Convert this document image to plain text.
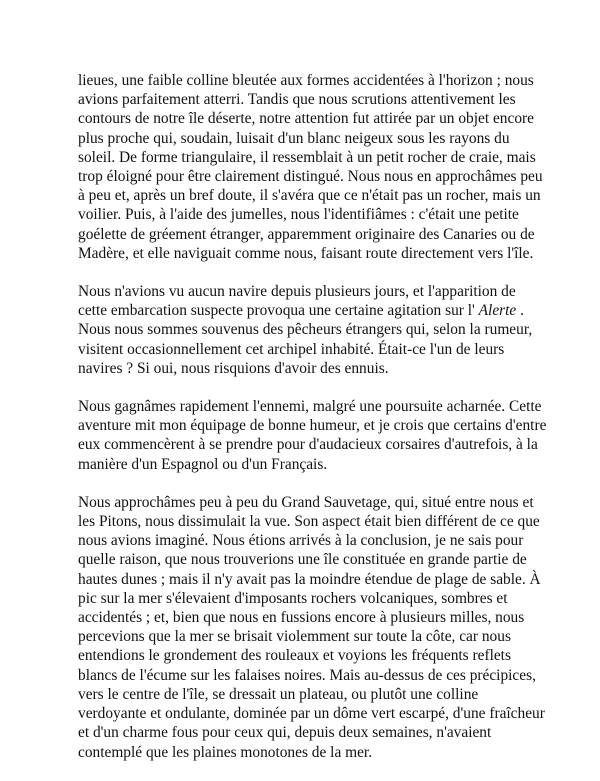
lieues, une faible colline bleutée aux formes accidentées à l'horizon ; nous
avions parfaitement atterri. Tandis que nous scrutions attentivement les
contours de notre île déserte, notre attention fut attirée par un objet encore
plus proche qui, soudain, luisait d'un blanc neigeux sous les rayons du
soleil. De forme triangulaire, il ressemblait à un petit rocher de craie, mais
trop éloigné pour être clairement distingué. Nous nous en approchâmes peu
à peu et, après un bref doute, il s'avéra que ce n'était pas un rocher, mais un
voilier. Puis, à l'aide des jumelles, nous l'identifiâmes : c'était une petite
goélette de gréement étranger, apparemment originaire des Canaries ou de
Madère, et elle naviguait comme nous, faisant route directement vers l'île.

Nous n'avions vu aucun navire depuis plusieurs jours, et l'apparition de
cette embarcation suspecte provoqua une certaine agitation sur l' Alerte .
Nous nous sommes souvenus des pêcheurs étrangers qui, selon la rumeur,
visitent occasionnellement cet archipel inhabité. Était-ce l'un de leurs
navires ? Si oui, nous risquions d'avoir des ennuis.

Nous gagnâmes rapidement l'ennemi, malgré une poursuite acharnée. Cette
aventure mit mon équipage de bonne humeur, et je crois que certains d'entre
eux commencèrent à se prendre pour d'audacieux corsaires d'autrefois, à la
manière d'un Espagnol ou d'un Français.

Nous approchâmes peu à peu du Grand Sauvetage, qui, situé entre nous et
les Pitons, nous dissimulait la vue. Son aspect était bien différent de ce que
nous avions imaginé. Nous étions arrivés à la conclusion, je ne sais pour
quelle raison, que nous trouverions une île constituée en grande partie de
hautes dunes ; mais il n'y avait pas la moindre étendue de plage de sable. À
pic sur la mer s'élevaient d'imposants rochers volcaniques, sombres et
accidentés ; et, bien que nous en fussions encore à plusieurs milles, nous
percevions que la mer se brisait violemment sur toute la côte, car nous
entendions le grondement des rouleaux et voyions les fréquents reflets
blancs de l'écume sur les falaises noires. Mais au-dessus de ces précipices,
vers le centre de l'île, se dressait un plateau, ou plutôt une colline
verdoyante et ondulante, dominée par un dôme vert escarpé, d'une fraîcheur
et d'un charme fous pour ceux qui, depuis deux semaines, n'avaient
contemplé que les plaines monotones de la mer.
